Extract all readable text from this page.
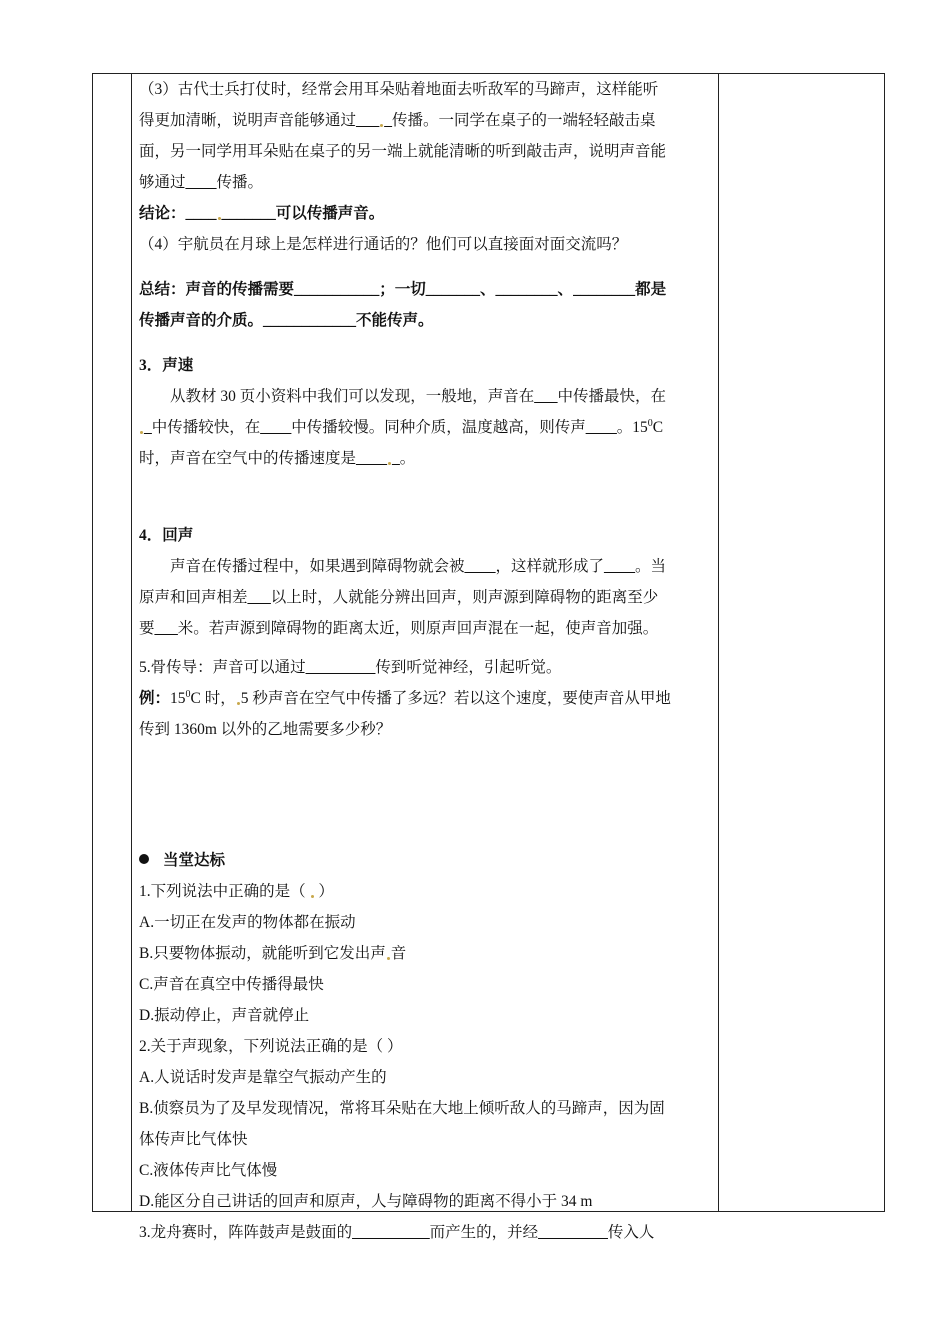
（3）古代士兵打仗时，经常会用耳朵贴着地面去听敌军的马蹄声，这样能听

得更加清晰，说明声音能够通过___ _传播。一同学在桌子的一端轻轻敲击桌

面，另一同学用耳朵贴在桌子的另一端上就能清晰的听到敲击声，说明声音能

够通过____传播。

结论：____ _______可以传播声音。

（4）宇航员在月球上是怎样进行通话的？他们可以直接面对面交流吗？

总结：声音的传播需要___________；一切_______、________、________都是

传播声音的介质。____________不能传声。

3．声速

从教材 30 页小资料中我们可以发现，一般地，声音在___中传播最快，在

_中传播较快，在____中传播较慢。同种介质，温度越高，则传声____。$15^0C$

时，声音在空气中的传播速度是____ _。

4．回声

声音在传播过程中，如果遇到障碍物就会被____，这样就形成了____。当

原声和回声相差___以上时，人就能分辨出回声，则声源到障碍物的距离至少

要___米。若声源到障碍物的距离太近，则原声回声混在一起，使声音加强。

5.骨传导：声音可以通过_________传到听觉神经，引起听觉。

例：$15^0C$ 时， 5 秒声音在空气中传播了多远？若以这个速度，要使声音从甲地

传到 1360m 以外的乙地需要多少秒？

当堂达标

1.下列说法中正确的是（ ）

A.一切正在发声的物体都在振动

B.只要物体振动，就能听到它发出声 音

C.声音在真空中传播得最快

D.振动停止，声音就停止

2.关于声现象，下列说法正确的是（ ）

A.人说话时发声是靠空气振动产生的

B.侦察员为了及早发现情况，常将耳朵贴在大地上倾听敌人的马蹄声，因为固

体传声比气体快

C.液体传声比气体慢

D.能区分自己讲话的回声和原声，人与障碍物的距离不得小于 34 m

3.龙舟赛时，阵阵鼓声是鼓面的__________而产生的，并经_________传入人
